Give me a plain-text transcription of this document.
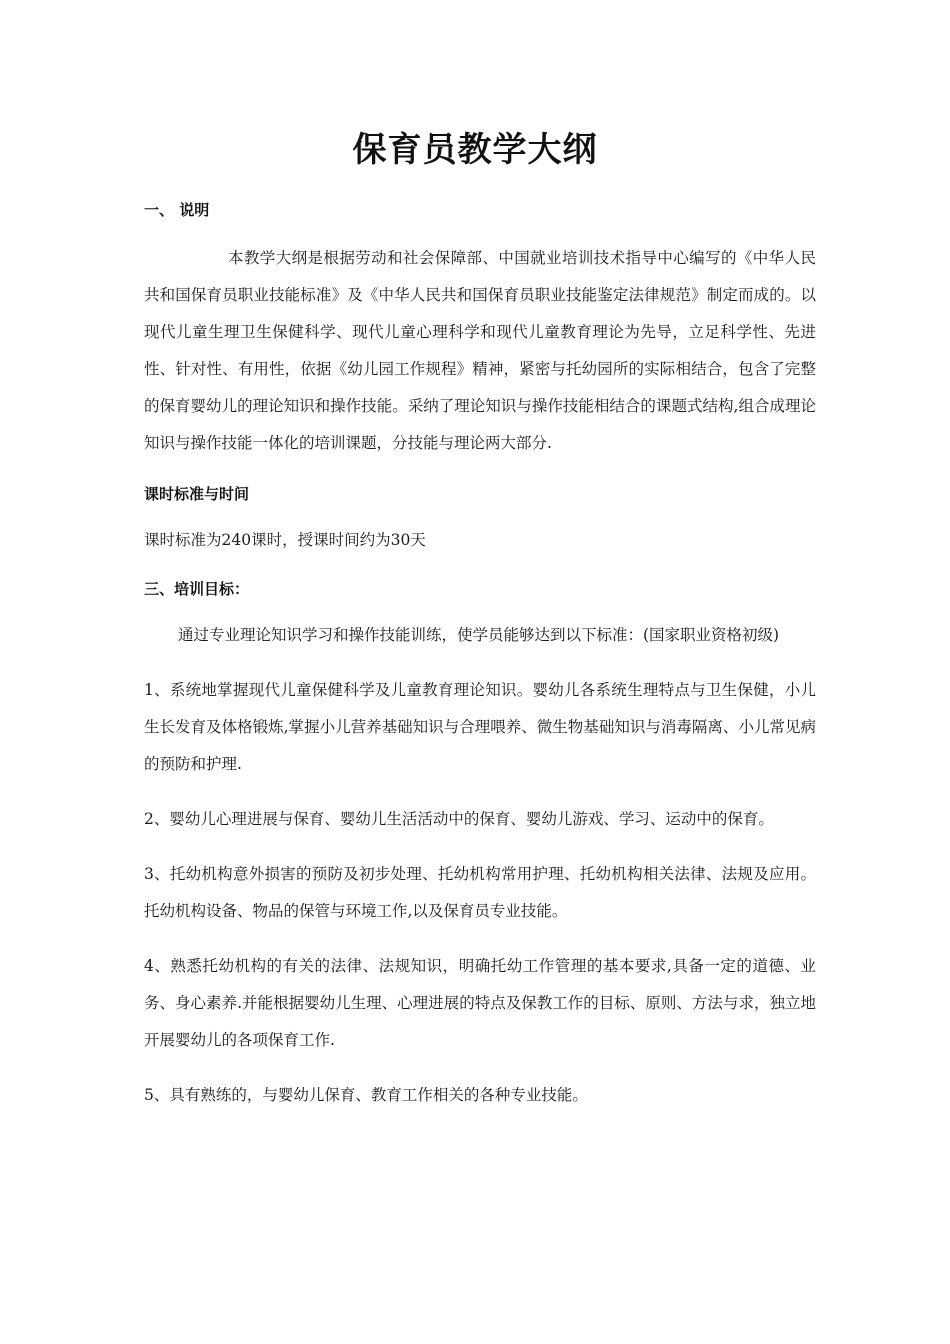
保育员教学大纲

一、 说明

本教学大纲是根据劳动和社会保障部、中国就业培训技术指导中心编写的《中华人民共和国保育员职业技能标准》及《中华人民共和国保育员职业技能鉴定法律规范》制定而成的。以现代儿童生理卫生保健科学、现代儿童心理科学和现代儿童教育理论为先导，立足科学性、先进性、针对性、有用性，依据《幼儿园工作规程》精神，紧密与托幼园所的实际相结合，包含了完整的保育婴幼儿的理论知识和操作技能。采纳了理论知识与操作技能相结合的课题式结构,组合成理论知识与操作技能一体化的培训课题，分技能与理论两大部分.

课时标准与时间

课时标准为240课时，授课时间约为30天

三、培训目标：

通过专业理论知识学习和操作技能训练，使学员能够达到以下标准：(国家职业资格初级)

1、系统地掌握现代儿童保健科学及儿童教育理论知识。婴幼儿各系统生理特点与卫生保健，小儿生长发育及体格锻炼,掌握小儿营养基础知识与合理喂养、微生物基础知识与消毒隔离、小儿常见病的预防和护理.

2、婴幼儿心理进展与保育、婴幼儿生活活动中的保育、婴幼儿游戏、学习、运动中的保育。

3、托幼机构意外损害的预防及初步处理、托幼机构常用护理、托幼机构相关法律、法规及应用。托幼机构设备、物品的保管与环境工作,以及保育员专业技能。

4、熟悉托幼机构的有关的法律、法规知识，明确托幼工作管理的基本要求,具备一定的道德、业务、身心素养.并能根据婴幼儿生理、心理进展的特点及保教工作的目标、原则、方法与求，独立地开展婴幼儿的各项保育工作.

5、具有熟练的，与婴幼儿保育、教育工作相关的各种专业技能。
